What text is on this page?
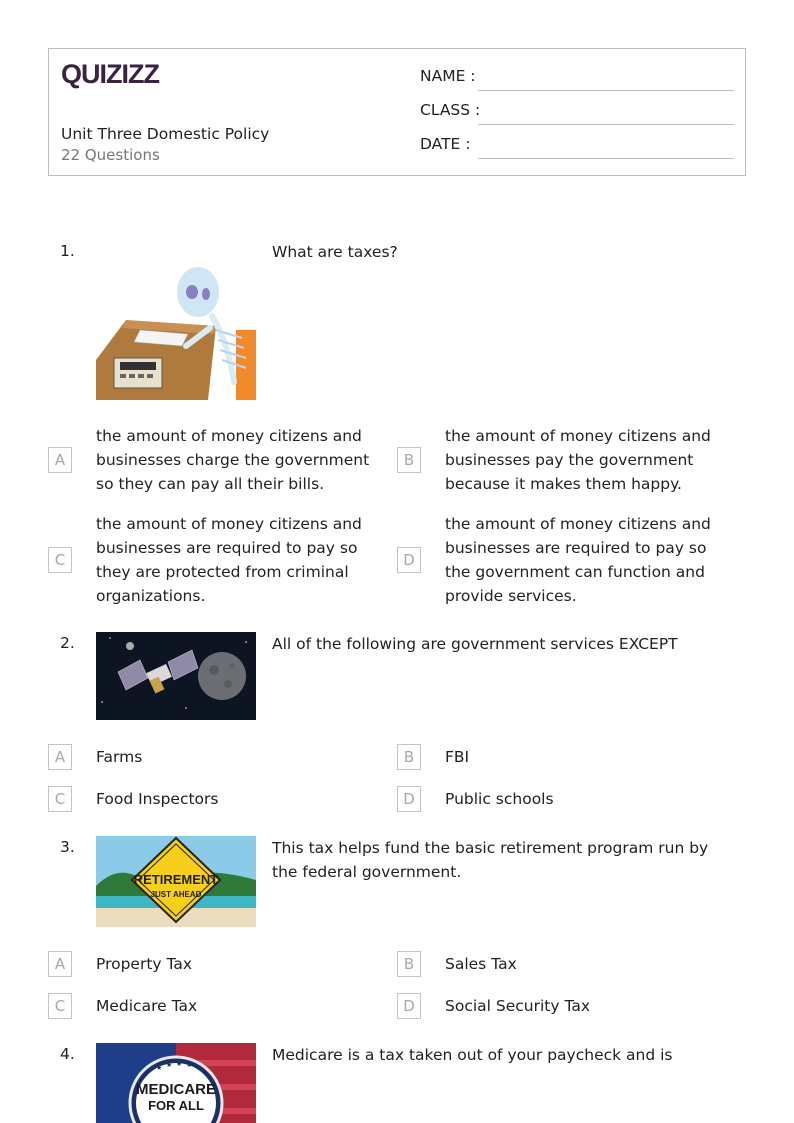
QUIZIZZ
Unit Three Domestic Policy
22 Questions
NAME :
CLASS :
DATE :
1.	What are taxes?
A
the amount of money citizens and businesses charge the government so they can pay all their bills.
B
the amount of money citizens and businesses pay the government because it makes them happy.
C
the amount of money citizens and businesses are required to pay so they are protected from criminal organizations.
D
the amount of money citizens and businesses are required to pay so the government can function and provide services.
2.	All of the following are government services EXCEPT
A	Farms	B	FBI
C	Food Inspectors	D	Public schools
3.
RETIREMENT
JUST AHEAD
This tax helps fund the basic retirement program run by the federal government.
A	Property Tax	B	Sales Tax
C	Medicare Tax	D	Social Security Tax
4.
★ ★ ★ ★ ★
MEDICARE
FOR ALL
Medicare is a tax taken out of your paycheck and is
